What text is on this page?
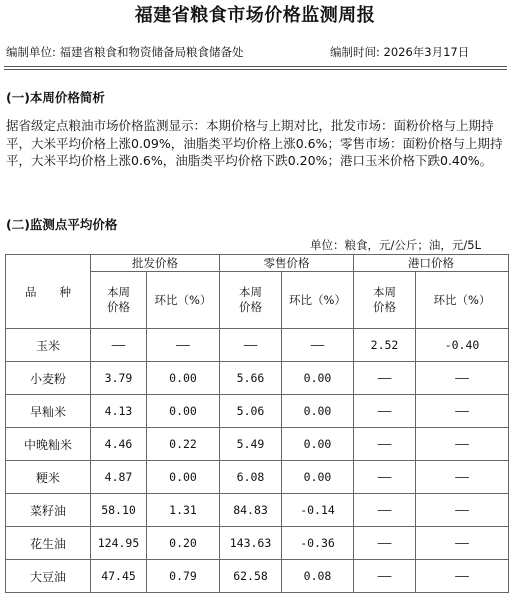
福建省粮食市场价格监测周报
编制单位: 福建省粮食和物资储备局粮食储备处	编制时间: 2026年3月17日
(一)本周价格简析
据省级定点粮油市场价格监测显示：本期价格与上期对比，批发市场：面粉价格与上期持平，大米平均价格上涨0.09%，油脂类平均价格上涨0.6%；零售市场：面粉价格与上期持平，大米平均价格上涨0.6%，油脂类平均价格下跌0.20%；港口玉米价格下跌0.40%。
(二)监测点平均价格
单位：粮食，元/公斤；油，元/5L
品　　种	批发价格		零售价格		港口价格	
	本周
价格	环比（%）	本周
价格	环比（%）	本周
价格	环比（%）
玉米	——	——	——	——	2.52	-0.40
小麦粉	3.79	0.00	5.66	0.00	——	——
早籼米	4.13	0.00	5.06	0.00	——	——
中晚籼米	4.46	0.22	5.49	0.00	——	——
粳米	4.87	0.00	6.08	0.00	——	——
菜籽油	58.10	1.31	84.83	-0.14	——	——
花生油	124.95	0.20	143.63	-0.36	——	——
大豆油	47.45	0.79	62.58	0.08	——	——
